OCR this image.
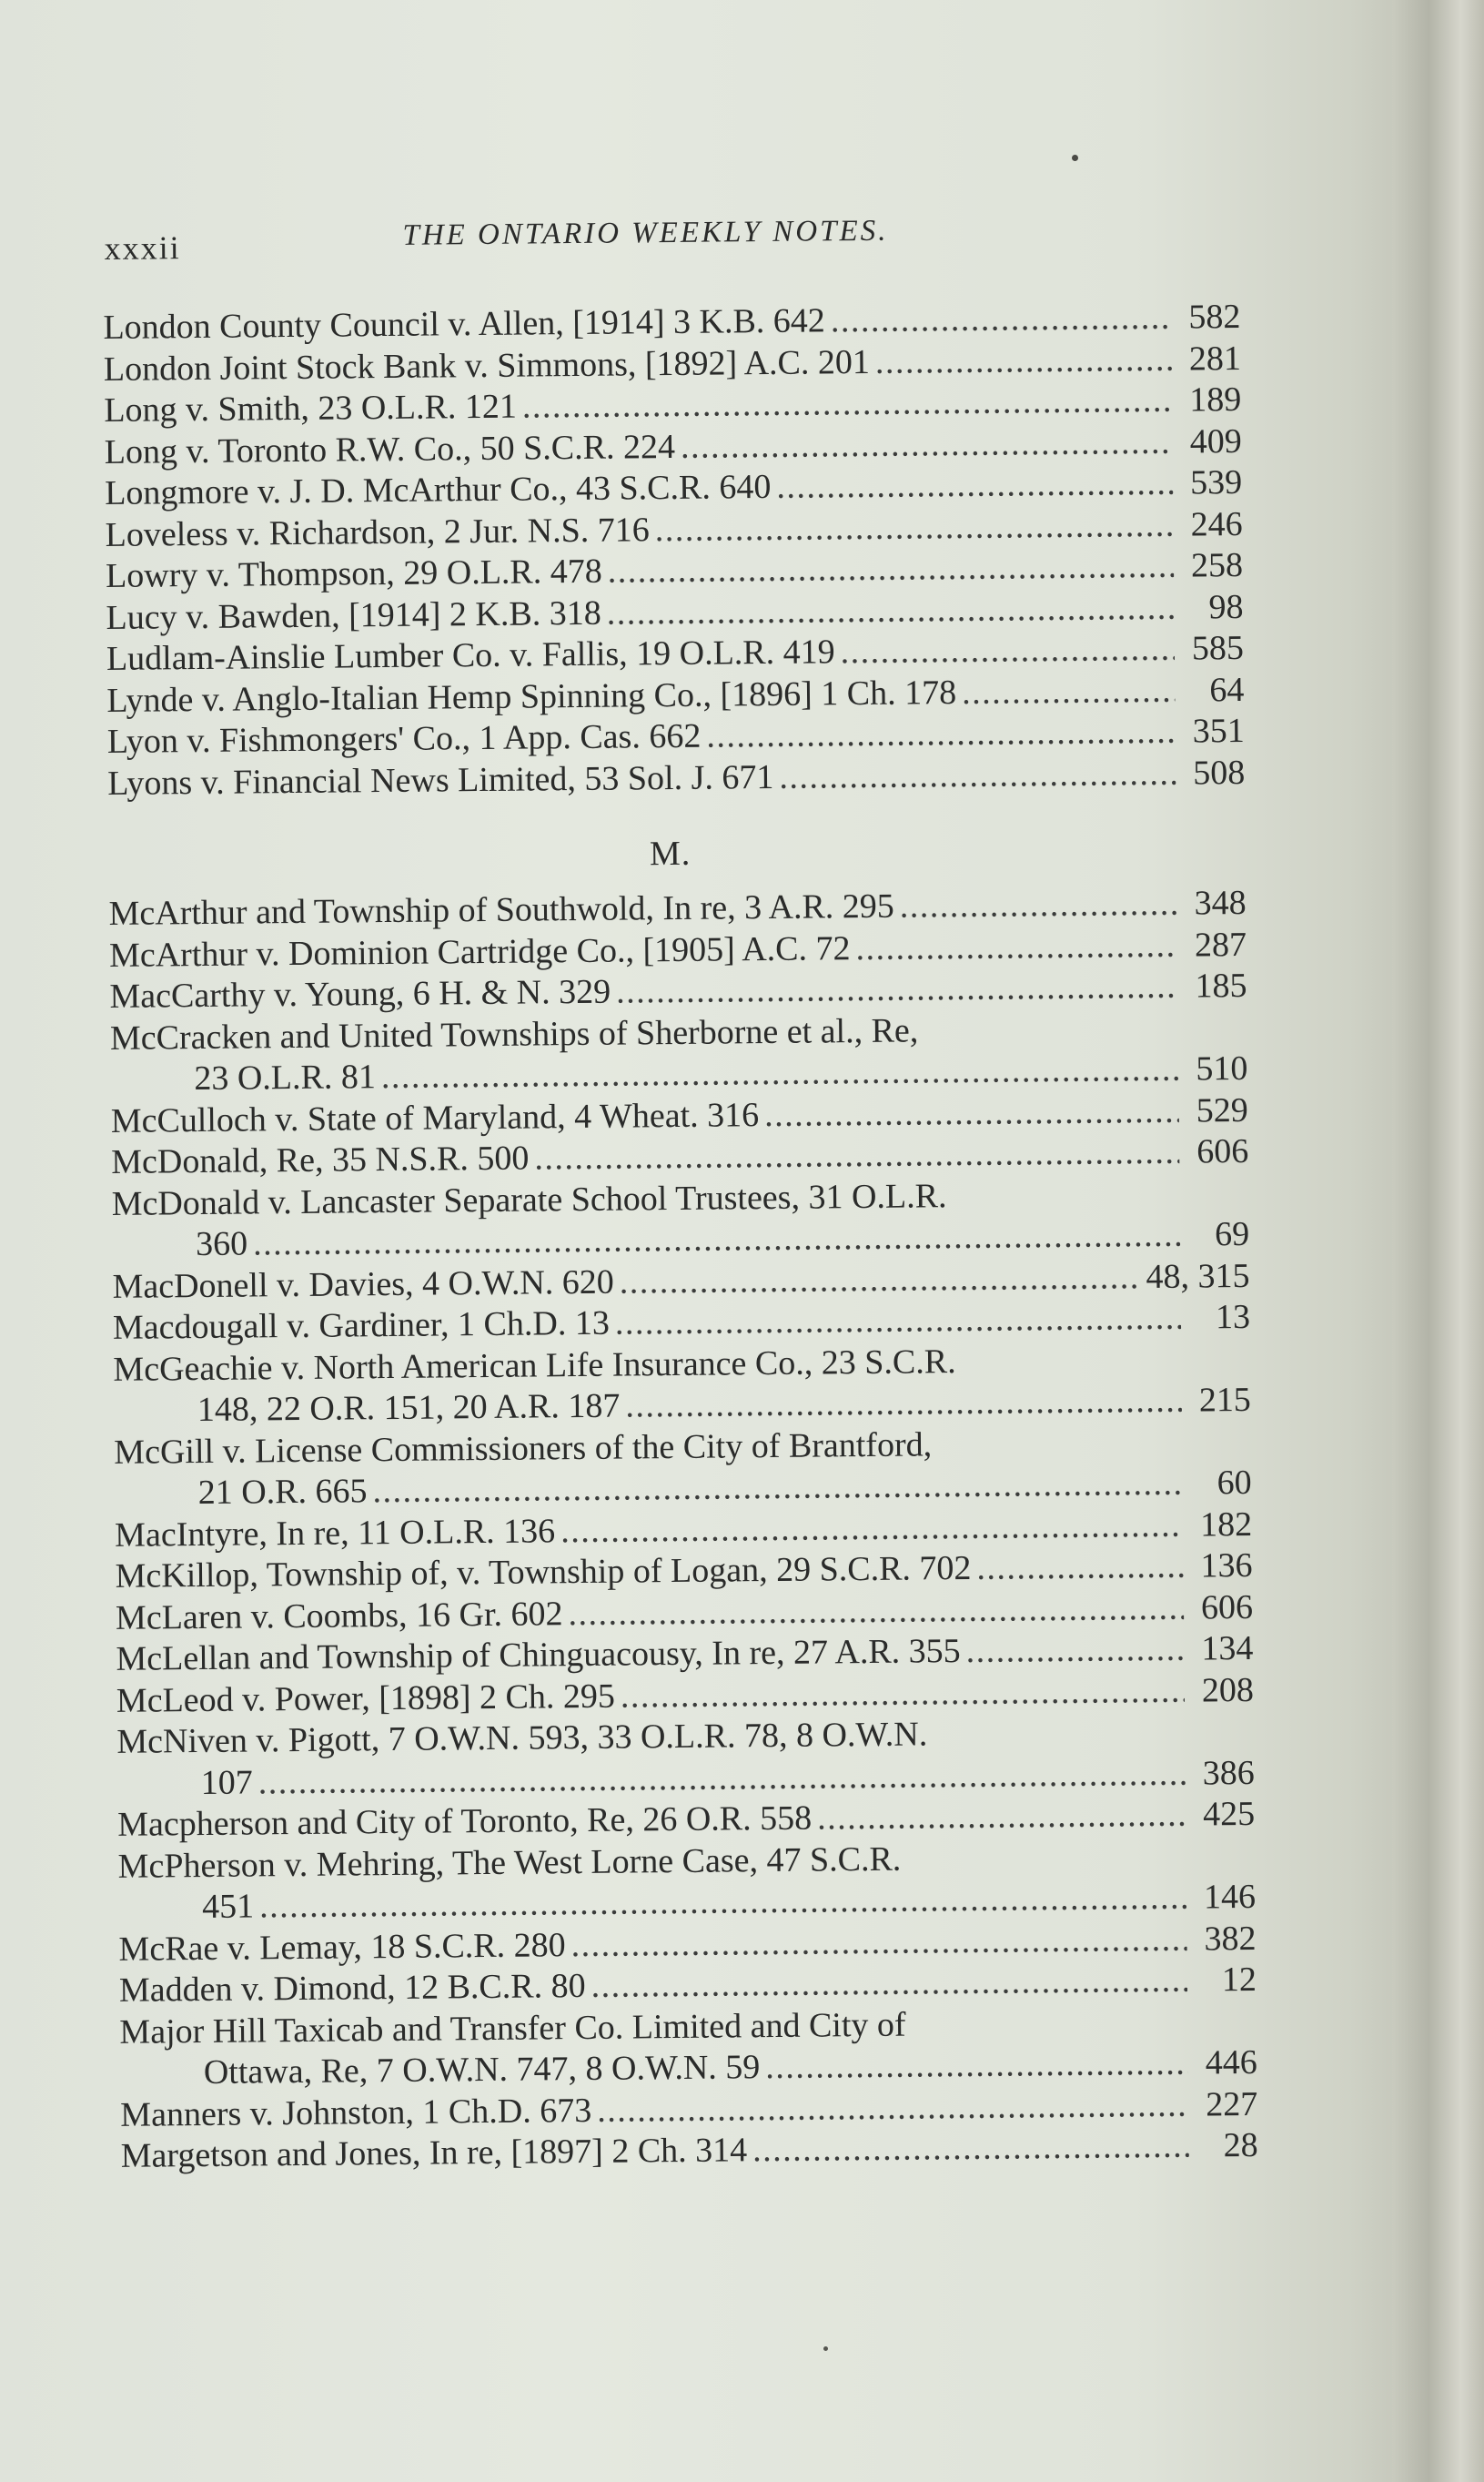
xxxii	THE ONTARIO WEEKLY NOTES.
London County Council v. Allen, [1914] 3 K.B. 642 . . .	582
London Joint Stock Bank v. Simmons, [1892] A.C. 201 . . .	281
Long v. Smith, 23 O.L.R. 121 . . .	189
Long v. Toronto R.W. Co., 50 S.C.R. 224 . . .	409
Longmore v. J. D. McArthur Co., 43 S.C.R. 640 . . .	539
Loveless v. Richardson, 2 Jur. N.S. 716 . . .	246
Lowry v. Thompson, 29 O.L.R. 478 . . .	258
Lucy v. Bawden, [1914] 2 K.B. 318 . . .	98
Ludlam-Ainslie Lumber Co. v. Fallis, 19 O.L.R. 419 . . .	585
Lynde v. Anglo-Italian Hemp Spinning Co., [1896] 1 Ch. 178 . . .	64
Lyon v. Fishmongers' Co., 1 App. Cas. 662 . . .	351
Lyons v. Financial News Limited, 53 Sol. J. 671 . . .	508
M.
McArthur and Township of Southwold, In re, 3 A.R. 295 . . .	348
McArthur v. Dominion Cartridge Co., [1905] A.C. 72 . . .	287
MacCarthy v. Young, 6 H. & N. 329 . . .	185
McCracken and United Townships of Sherborne et al., Re,
23 O.L.R. 81 . . .	510
McCulloch v. State of Maryland, 4 Wheat. 316 . . .	529
McDonald, Re, 35 N.S.R. 500 . . .	606
McDonald v. Lancaster Separate School Trustees, 31 O.L.R.
360 . . .	69
MacDonell v. Davies, 4 O.W.N. 620 . . .	48, 315
Macdougall v. Gardiner, 1 Ch.D. 13 . . .	13
McGeachie v. North American Life Insurance Co., 23 S.C.R.
148, 22 O.R. 151, 20 A.R. 187 . . .	215
McGill v. License Commissioners of the City of Brantford,
21 O.R. 665 . . .	60
MacIntyre, In re, 11 O.L.R. 136 . . .	182
McKillop, Township of, v. Township of Logan, 29 S.C.R. 702 . . .	136
McLaren v. Coombs, 16 Gr. 602 . . .	606
McLellan and Township of Chinguacousy, In re, 27 A.R. 355 . . .	134
McLeod v. Power, [1898] 2 Ch. 295 . . .	208
McNiven v. Pigott, 7 O.W.N. 593, 33 O.L.R. 78, 8 O.W.N.
107 . . .	386
Macpherson and City of Toronto, Re, 26 O.R. 558 . . .	425
McPherson v. Mehring, The West Lorne Case, 47 S.C.R.
451 . . .	146
McRae v. Lemay, 18 S.C.R. 280 . . .	382
Madden v. Dimond, 12 B.C.R. 80 . . .	12
Major Hill Taxicab and Transfer Co. Limited and City of
Ottawa, Re, 7 O.W.N. 747, 8 O.W.N. 59 . . .	446
Manners v. Johnston, 1 Ch.D. 673 . . .	227
Margetson and Jones, In re, [1897] 2 Ch. 314 . . .	28
